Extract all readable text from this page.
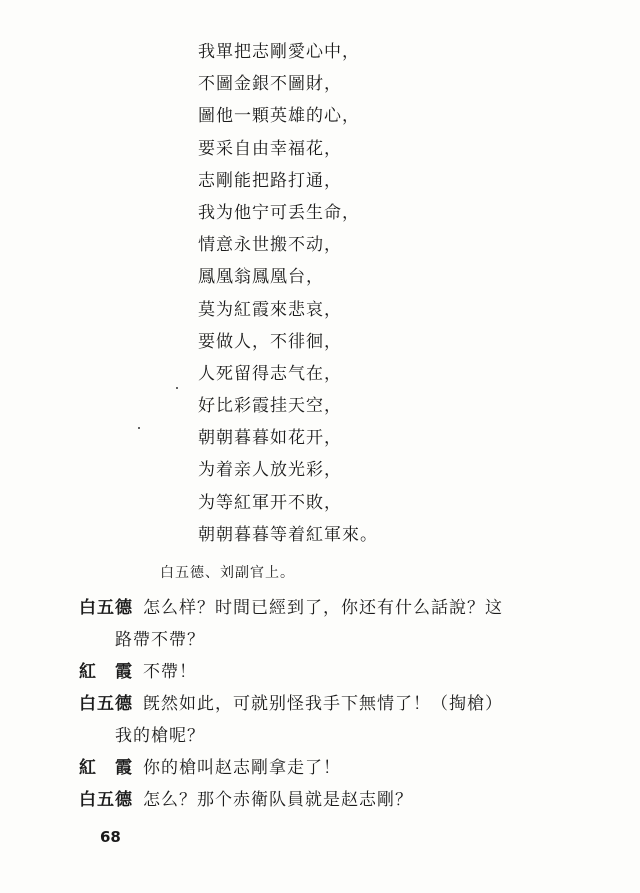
我單把志剛愛心中，
不圖金銀不圖財，
圖他一顆英雄的心，
要采自由幸福花，
志剛能把路打通，
我为他宁可丢生命，
情意永世搬不动，
鳳凰翁鳳凰台，
莫为紅霞來悲哀，
要做人，不徘徊，
人死留得志气在，
好比彩霞挂天空，
朝朝暮暮如花开，
为着亲人放光彩，
为等紅軍开不敗，
朝朝暮暮等着紅軍來。
白五德、刘副官上。
白五德 怎么样？时間已經到了，你还有什么話說？这
路帶不帶？
紅　霞 不帶！
白五德 旣然如此，可就别怪我手下無情了！（掏槍）
我的槍呢？
紅　霞 你的槍叫赵志剛拿走了！
白五德 怎么？那个赤衛队員就是赵志剛？
68
